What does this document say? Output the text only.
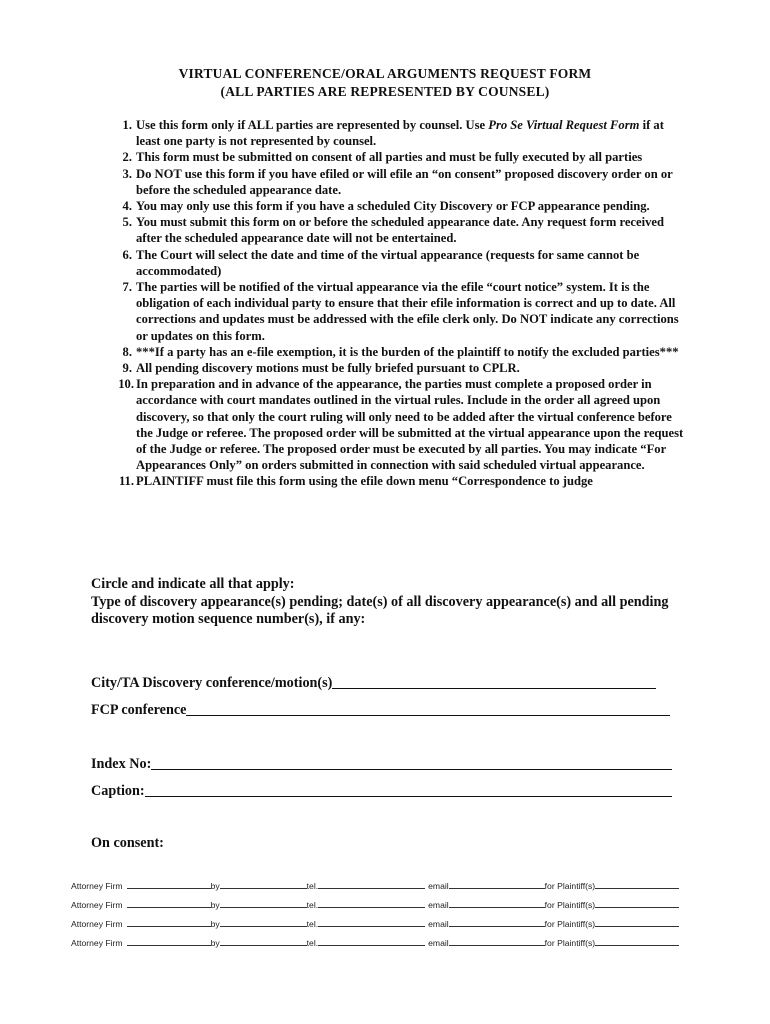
VIRTUAL CONFERENCE/ORAL ARGUMENTS REQUEST FORM
(ALL PARTIES ARE REPRESENTED BY COUNSEL)
1. Use this form only if ALL parties are represented by counsel. Use Pro Se Virtual Request Form if at least one party is not represented by counsel.
2. This form must be submitted on consent of all parties and must be fully executed by all parties
3. Do NOT use this form if you have efiled or will efile an “on consent” proposed discovery order on or before the scheduled appearance date.
4. You may only use this form if you have a scheduled City Discovery or FCP appearance pending.
5. You must submit this form on or before the scheduled appearance date. Any request form received after the scheduled appearance date will not be entertained.
6. The Court will select the date and time of the virtual appearance (requests for same cannot be accommodated)
7. The parties will be notified of the virtual appearance via the efile “court notice” system. It is the obligation of each individual party to ensure that their efile information is correct and up to date. All corrections and updates must be addressed with the efile clerk only. Do NOT indicate any corrections or updates on this form.
8. ***If a party has an e-file exemption, it is the burden of the plaintiff to notify the excluded parties***
9. All pending discovery motions must be fully briefed pursuant to CPLR.
10. In preparation and in advance of the appearance, the parties must complete a proposed order in accordance with court mandates outlined in the virtual rules. Include in the order all agreed upon discovery, so that only the court ruling will only need to be added after the virtual conference before the Judge or referee. The proposed order will be submitted at the virtual appearance upon the request of the Judge or referee. The proposed order must be executed by all parties. You may indicate “For Appearances Only” on orders submitted in connection with said scheduled virtual appearance.
11. PLAINTIFF must file this form using the efile down menu “Correspondence to judge
Circle and indicate all that apply:
Type of discovery appearance(s) pending; date(s) of all discovery appearance(s) and all pending discovery motion sequence number(s), if any:
City/TA Discovery conference/motion(s)
FCP conference
Index No:
Caption:
On consent:
Attorney Firm	by	tel.	email	for Plaintiff(s)
Attorney Firm	by	tel.	email	for Plaintiff(s)
Attorney Firm	by	tel.	email	for Plaintiff(s)
Attorney Firm	by	tel.	email	for Plaintiff(s)
